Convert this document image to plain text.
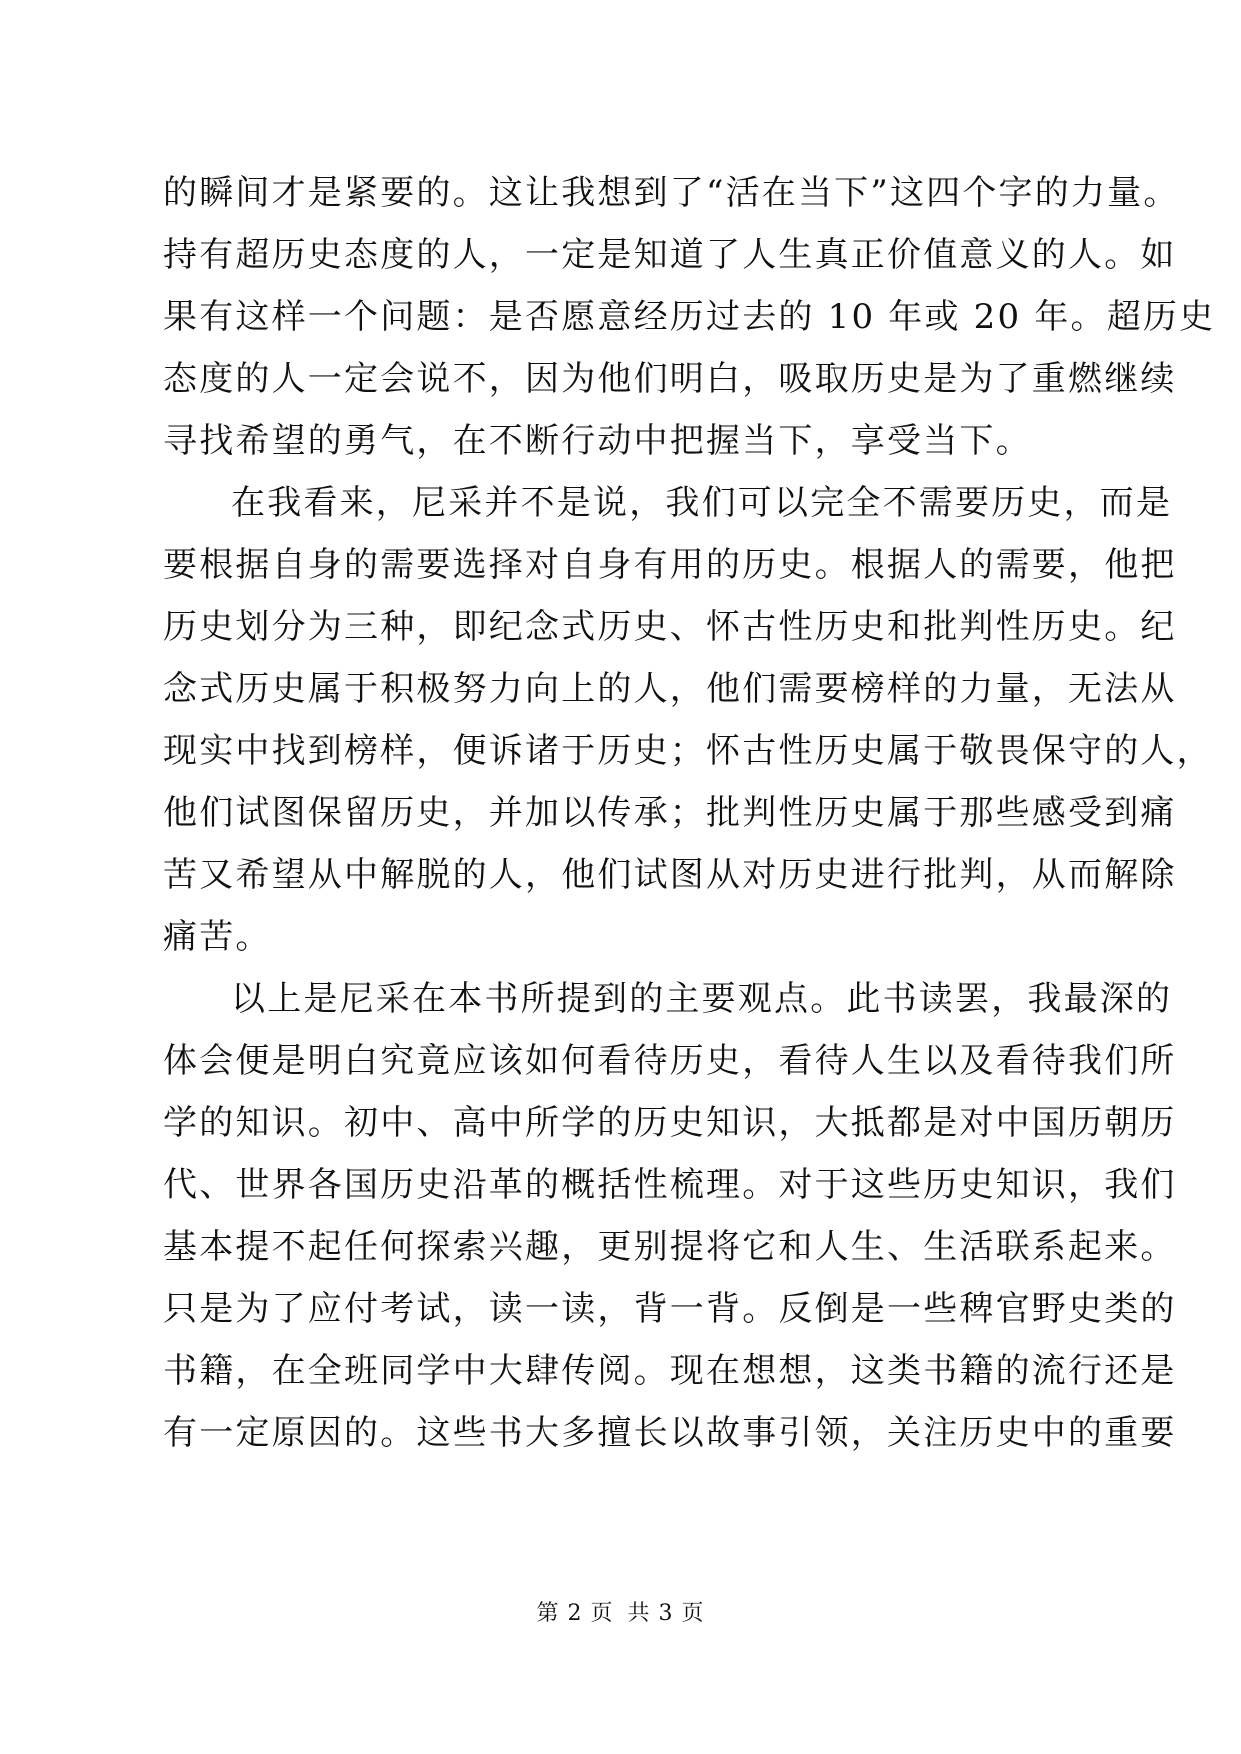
的瞬间才是紧要的。这让我想到了“活在当下”这四个字的力量。
持有超历史态度的人，一定是知道了人生真正价值意义的人。如
果有这样一个问题：是否愿意经历过去的 10 年或 20 年。超历史
态度的人一定会说不，因为他们明白，吸取历史是为了重燃继续
寻找希望的勇气，在不断行动中把握当下，享受当下。
在我看来，尼采并不是说，我们可以完全不需要历史，而是
要根据自身的需要选择对自身有用的历史。根据人的需要，他把
历史划分为三种，即纪念式历史、怀古性历史和批判性历史。纪
念式历史属于积极努力向上的人，他们需要榜样的力量，无法从
现实中找到榜样，便诉诸于历史；怀古性历史属于敬畏保守的人，
他们试图保留历史，并加以传承；批判性历史属于那些感受到痛
苦又希望从中解脱的人，他们试图从对历史进行批判，从而解除
痛苦。
以上是尼采在本书所提到的主要观点。此书读罢，我最深的
体会便是明白究竟应该如何看待历史，看待人生以及看待我们所
学的知识。初中、高中所学的历史知识，大抵都是对中国历朝历
代、世界各国历史沿革的概括性梳理。对于这些历史知识，我们
基本提不起任何探索兴趣，更别提将它和人生、生活联系起来。
只是为了应付考试，读一读，背一背。反倒是一些稗官野史类的
书籍，在全班同学中大肆传阅。现在想想，这类书籍的流行还是
有一定原因的。这些书大多擅长以故事引领，关注历史中的重要
第 2 页 共 3 页
